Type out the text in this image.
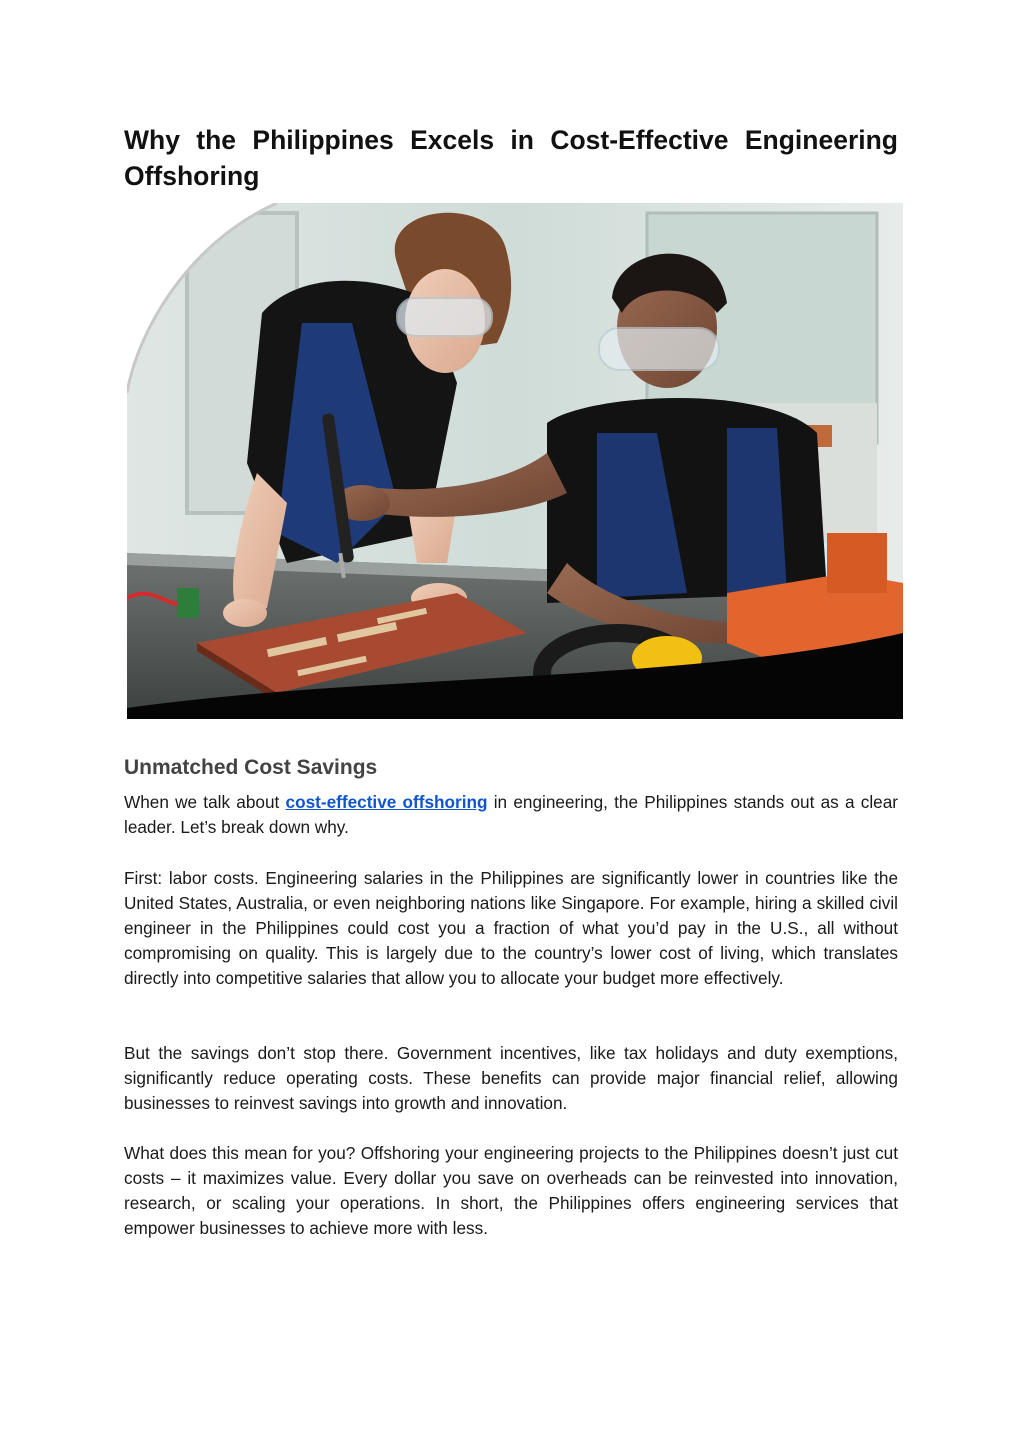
Why the Philippines Excels in Cost-Effective Engineering Offshoring
Unmatched Cost Savings

When we talk about cost-effective offshoring in engineering, the Philippines stands out as a clear leader. Let’s break down why.

First: labor costs. Engineering salaries in the Philippines are significantly lower in countries like the United States, Australia, or even neighboring nations like Singapore. For example, hiring a skilled civil engineer in the Philippines could cost you a fraction of what you’d pay in the U.S., all without compromising on quality. This is largely due to the country’s lower cost of living, which translates directly into competitive salaries that allow you to allocate your budget more effectively.

But the savings don’t stop there. Government incentives, like tax holidays and duty exemptions, significantly reduce operating costs. These benefits can provide major financial relief, allowing businesses to reinvest savings into growth and innovation.

What does this mean for you? Offshoring your engineering projects to the Philippines doesn’t just cut costs – it maximizes value. Every dollar you save on overheads can be reinvested into innovation, research, or scaling your operations. In short, the Philippines offers engineering services that empower businesses to achieve more with less.
